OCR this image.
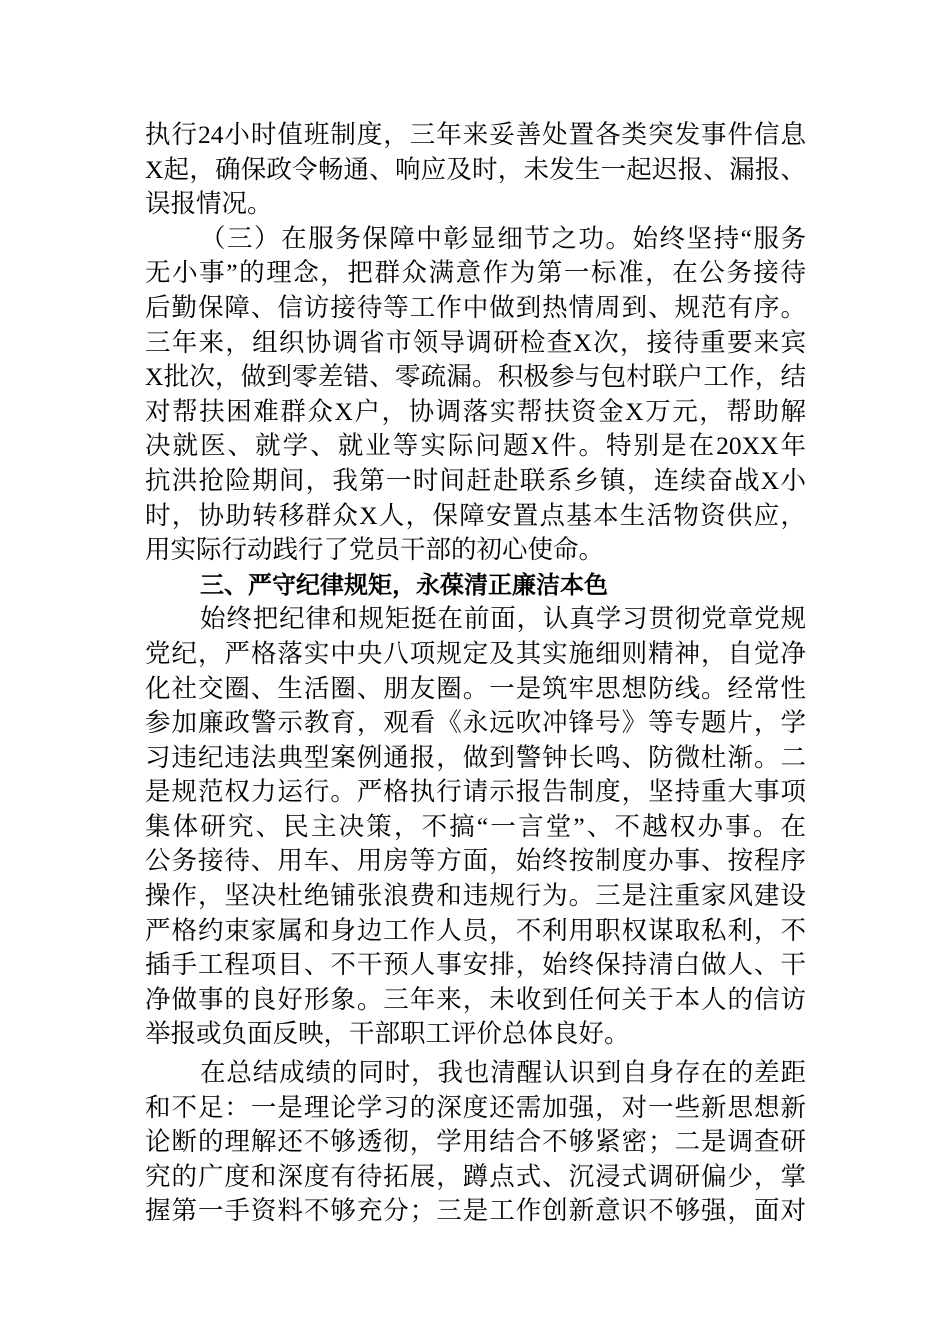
执行24小时值班制度，三年来妥善处置各类突发事件信息
X起，确保政令畅通、响应及时，未发生一起迟报、漏报、
误报情况。
（三）在服务保障中彰显细节之功。始终坚持“服务
无小事”的理念，把群众满意作为第一标准，在公务接待
后勤保障、信访接待等工作中做到热情周到、规范有序。
三年来，组织协调省市领导调研检查X次，接待重要来宾
X批次，做到零差错、零疏漏。积极参与包村联户工作，结
对帮扶困难群众X户，协调落实帮扶资金X万元，帮助解
决就医、就学、就业等实际问题X件。特别是在20XX年
抗洪抢险期间，我第一时间赶赴联系乡镇，连续奋战X小
时，协助转移群众X人，保障安置点基本生活物资供应，
用实际行动践行了党员干部的初心使命。
三、严守纪律规矩，永葆清正廉洁本色
始终把纪律和规矩挺在前面，认真学习贯彻党章党规
党纪，严格落实中央八项规定及其实施细则精神，自觉净
化社交圈、生活圈、朋友圈。一是筑牢思想防线。经常性
参加廉政警示教育，观看《永远吹冲锋号》等专题片，学
习违纪违法典型案例通报，做到警钟长鸣、防微杜渐。二
是规范权力运行。严格执行请示报告制度，坚持重大事项
集体研究、民主决策，不搞“一言堂”、不越权办事。在
公务接待、用车、用房等方面，始终按制度办事、按程序
操作，坚决杜绝铺张浪费和违规行为。三是注重家风建设
严格约束家属和身边工作人员，不利用职权谋取私利，不
插手工程项目、不干预人事安排，始终保持清白做人、干
净做事的良好形象。三年来，未收到任何关于本人的信访
举报或负面反映，干部职工评价总体良好。
在总结成绩的同时，我也清醒认识到自身存在的差距
和不足：一是理论学习的深度还需加强，对一些新思想新
论断的理解还不够透彻，学用结合不够紧密；二是调查研
究的广度和深度有待拓展，蹲点式、沉浸式调研偏少，掌
握第一手资料不够充分；三是工作创新意识不够强，面对
